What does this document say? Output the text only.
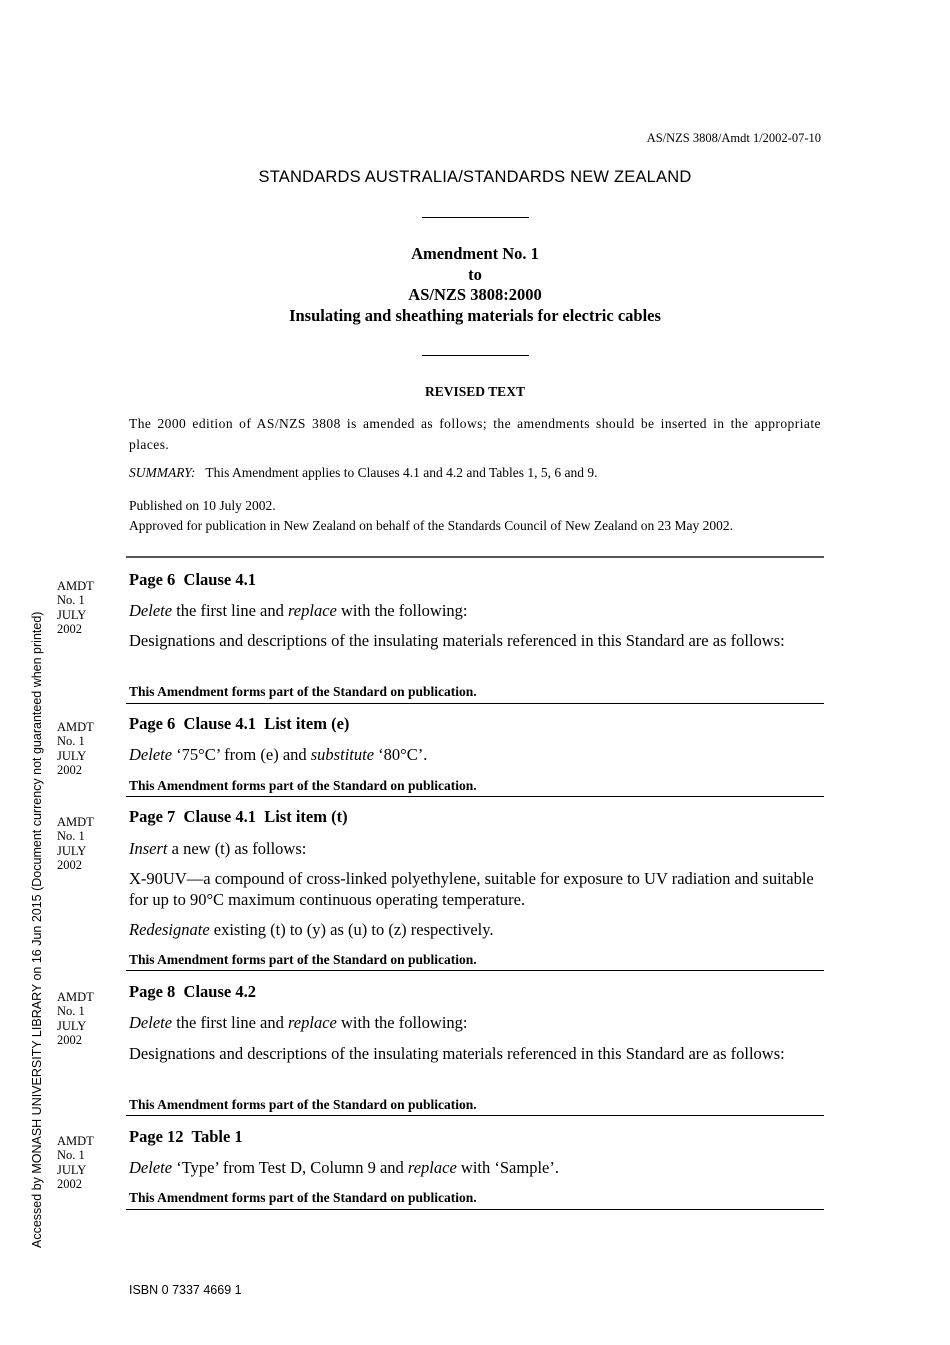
AS/NZS 3808/Amdt 1/2002-07-10
STANDARDS AUSTRALIA/STANDARDS NEW ZEALAND
Amendment No. 1
to
AS/NZS 3808:2000
Insulating and sheathing materials for electric cables
REVISED TEXT
The 2000 edition of AS/NZS 3808 is amended as follows; the amendments should be inserted in the appropriate places.
SUMMARY: This Amendment applies to Clauses 4.1 and 4.2 and Tables 1, 5, 6 and 9.
Published on 10 July 2002.
Approved for publication in New Zealand on behalf of the Standards Council of New Zealand on 23 May 2002.
AMDT
No. 1
JULY
2002
Page 6  Clause 4.1
Delete the first line and replace with the following:
Designations and descriptions of the insulating materials referenced in this Standard are as follows:
This Amendment forms part of the Standard on publication.
AMDT
No. 1
JULY
2002
Page 6  Clause 4.1  List item (e)
Delete ‘75°C’ from (e) and substitute ‘80°C’.
This Amendment forms part of the Standard on publication.
AMDT
No. 1
JULY
2002
Page 7  Clause 4.1  List item (t)
Insert a new (t) as follows:
X-90UV—a compound of cross-linked polyethylene, suitable for exposure to UV radiation and suitable for up to 90°C maximum continuous operating temperature.
Redesignate existing (t) to (y) as (u) to (z) respectively.
This Amendment forms part of the Standard on publication.
AMDT
No. 1
JULY
2002
Page 8  Clause 4.2
Delete the first line and replace with the following:
Designations and descriptions of the insulating materials referenced in this Standard are as follows:
This Amendment forms part of the Standard on publication.
AMDT
No. 1
JULY
2002
Page 12  Table 1
Delete ‘Type’ from Test D, Column 9 and replace with ‘Sample’.
This Amendment forms part of the Standard on publication.
Accessed by MONASH UNIVERSITY LIBRARY on 16 Jun 2015 (Document currency not guaranteed when printed)
ISBN 0 7337 4669 1
